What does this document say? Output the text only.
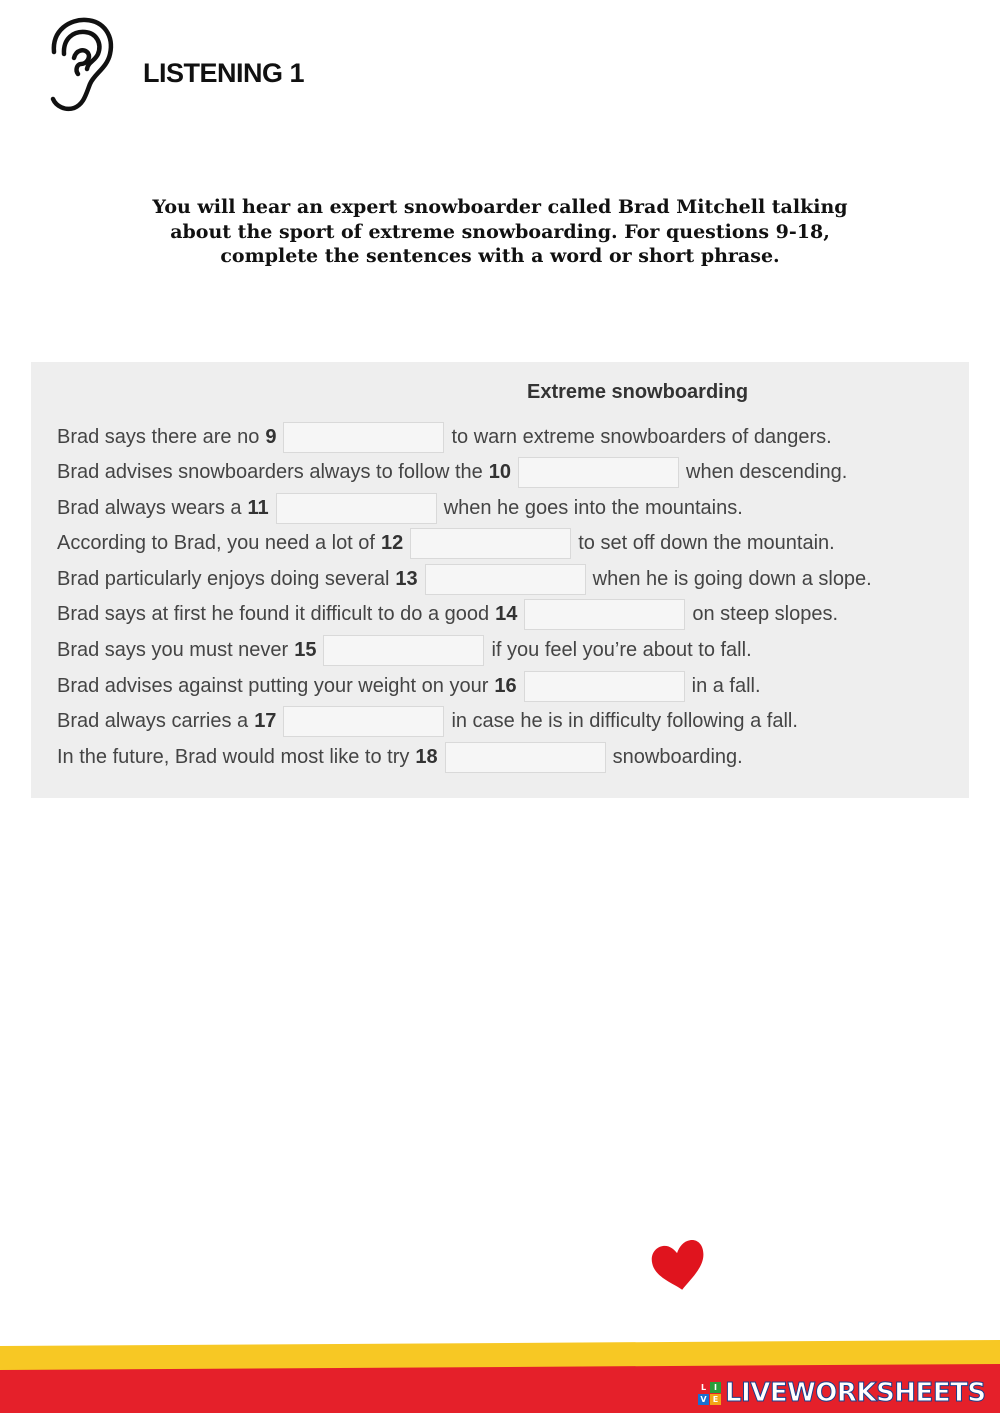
LISTENING 1
You will hear an expert snowboarder called Brad Mitchell talking about the sport of extreme snowboarding. For questions 9-18, complete the sentences with a word or short phrase.
Extreme snowboarding
Brad says there are no 9	to warn extreme snowboarders of dangers.
Brad advises snowboarders always to follow the 10	when descending.
Brad always wears a 11	when he goes into the mountains.
According to Brad, you need a lot of 12	to set off down the mountain.
Brad particularly enjoys doing several 13	when he is going down a slope.
Brad says at first he found it difficult to do a good 14	on steep slopes.
Brad says you must never 15	if you feel you’re about to fall.
Brad advises against putting your weight on your 16	in a fall.
Brad always carries a 17	in case he is in difficulty following a fall.
In the future, Brad would most like to try 18	snowboarding.
L I
V E LIVEWORKSHEETS
